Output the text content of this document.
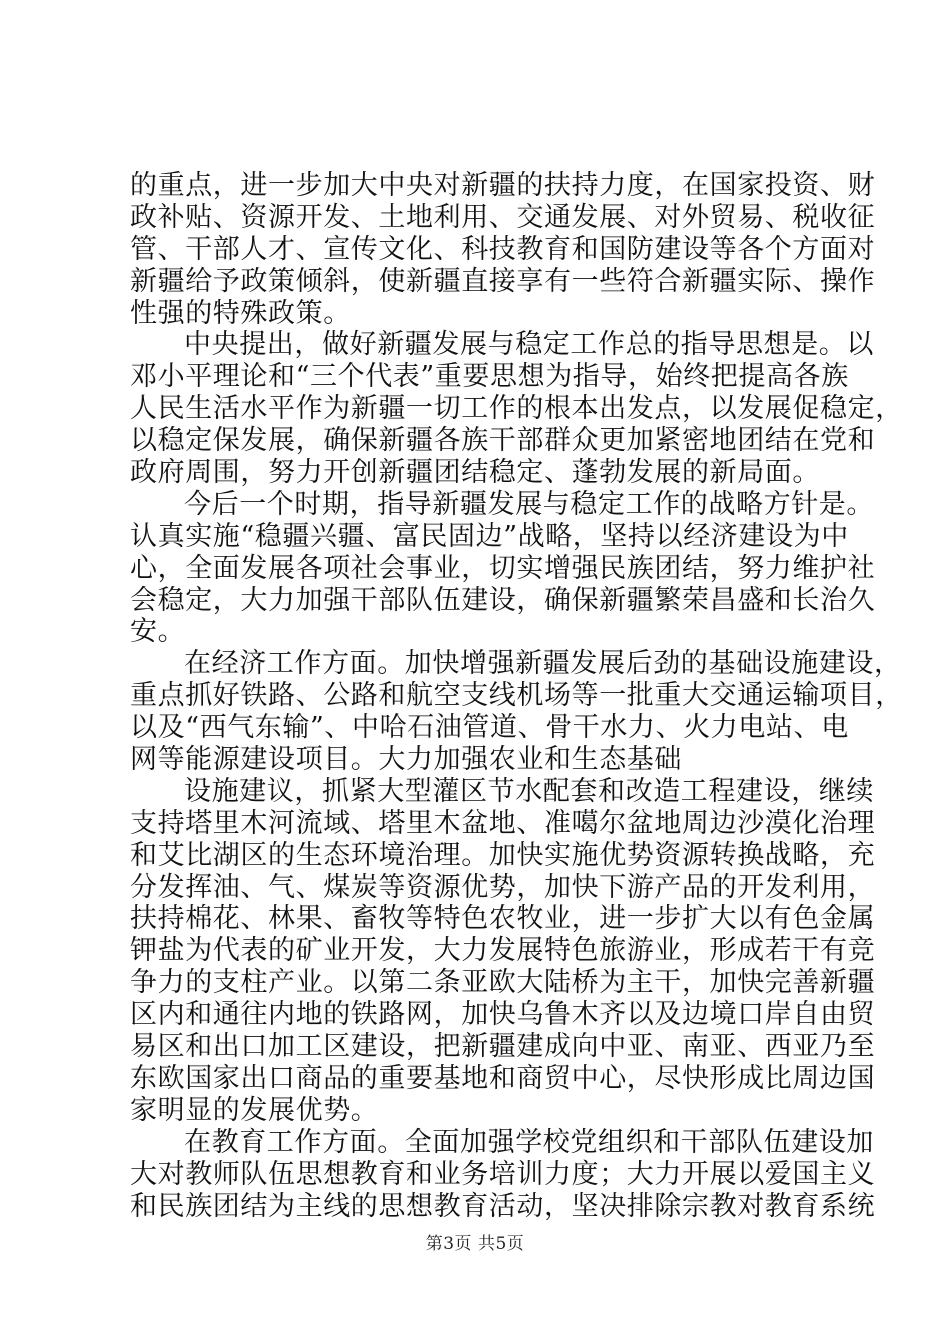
的重点，进一步加大中央对新疆的扶持力度，在国家投资、财
政补贴、资源开发、土地利用、交通发展、对外贸易、税收征
管、干部人才、宣传文化、科技教育和国防建设等各个方面对
新疆给予政策倾斜，使新疆直接享有一些符合新疆实际、操作
性强的特殊政策。
中央提出，做好新疆发展与稳定工作总的指导思想是。以
邓小平理论和“三个代表”重要思想为指导，始终把提高各族
人民生活水平作为新疆一切工作的根本出发点，以发展促稳定，
以稳定保发展，确保新疆各族干部群众更加紧密地团结在党和
政府周围，努力开创新疆团结稳定、蓬勃发展的新局面。
今后一个时期，指导新疆发展与稳定工作的战略方针是。
认真实施“稳疆兴疆、富民固边”战略，坚持以经济建设为中
心，全面发展各项社会事业，切实增强民族团结，努力维护社
会稳定，大力加强干部队伍建设，确保新疆繁荣昌盛和长治久
安。
在经济工作方面。加快增强新疆发展后劲的基础设施建设，
重点抓好铁路、公路和航空支线机场等一批重大交通运输项目，
以及“西气东输”、中哈石油管道、骨干水力、火力电站、电
网等能源建设项目。大力加强农业和生态基础
设施建议，抓紧大型灌区节水配套和改造工程建设，继续
支持塔里木河流域、塔里木盆地、准噶尔盆地周边沙漠化治理
和艾比湖区的生态环境治理。加快实施优势资源转换战略，充
分发挥油、气、煤炭等资源优势，加快下游产品的开发利用，
扶持棉花、林果、畜牧等特色农牧业，进一步扩大以有色金属
钾盐为代表的矿业开发，大力发展特色旅游业，形成若干有竞
争力的支柱产业。以第二条亚欧大陆桥为主干，加快完善新疆
区内和通往内地的铁路网，加快乌鲁木齐以及边境口岸自由贸
易区和出口加工区建设，把新疆建成向中亚、南亚、西亚乃至
东欧国家出口商品的重要基地和商贸中心，尽快形成比周边国
家明显的发展优势。
在教育工作方面。全面加强学校党组织和干部队伍建设加
大对教师队伍思想教育和业务培训力度；大力开展以爱国主义
和民族团结为主线的思想教育活动，坚决排除宗教对教育系统
第3页 共5页
